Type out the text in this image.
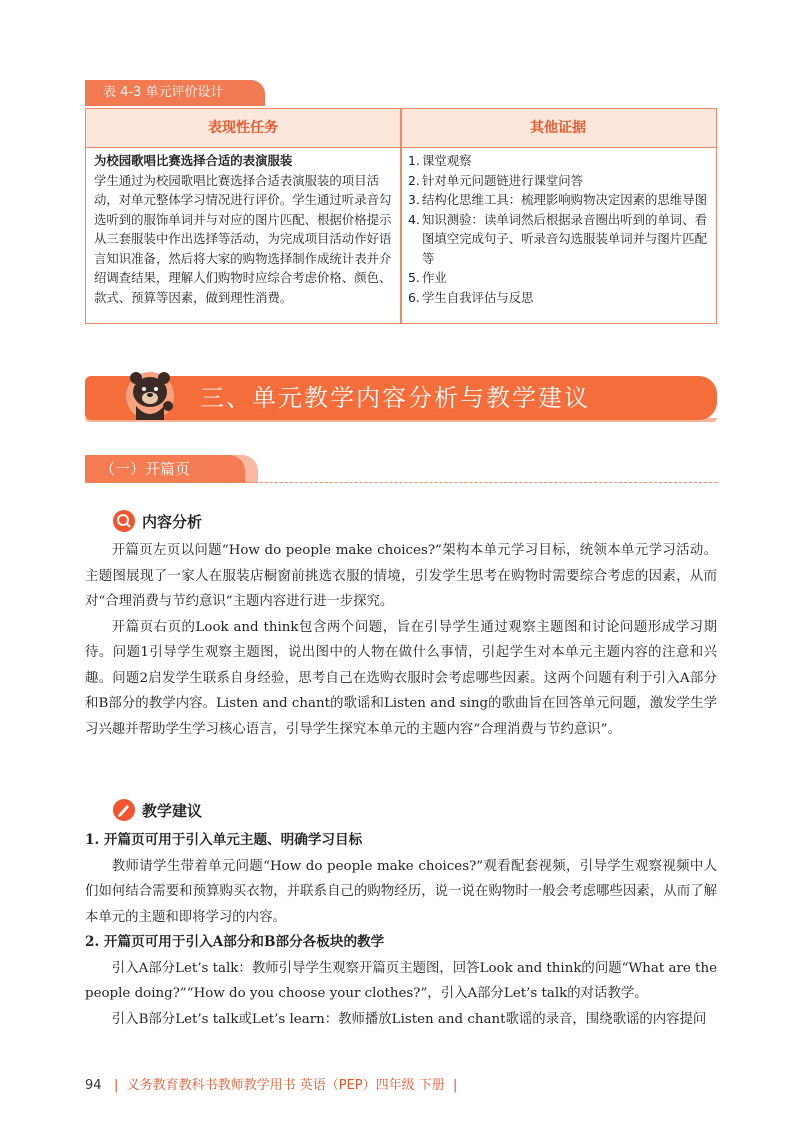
表 4-3 单元评价设计
表现性任务	其他证据
为校园歌唱比赛选择合适的表演服装
学生通过为校园歌唱比赛选择合适表演服装的项目活动，对单元整体学习情况进行评价。学生通过听录音勾选听到的服饰单词并与对应的图片匹配、根据价格提示从三套服装中作出选择等活动，为完成项目活动作好语言知识准备，然后将大家的购物选择制作成统计表并介绍调查结果，理解人们购物时应综合考虑价格、颜色、款式、预算等因素，做到理性消费。
1. 课堂观察
2. 针对单元问题链进行课堂问答
3. 结构化思维工具：梳理影响购物决定因素的思维导图
4. 知识测验：读单词然后根据录音圈出听到的单词、看图填空完成句子、听录音勾选服装单词并与图片匹配等
5. 作业
6. 学生自我评估与反思
三、单元教学内容分析与教学建议
（一）开篇页
内容分析

开篇页左页以问题“How do people make choices?”架构本单元学习目标，统领本单元学习活动。主题图展现了一家人在服装店橱窗前挑选衣服的情境，引发学生思考在购物时需要综合考虑的因素，从而对“合理消费与节约意识”主题内容进行进一步探究。

开篇页右页的Look and think包含两个问题，旨在引导学生通过观察主题图和讨论问题形成学习期待。问题1引导学生观察主题图，说出图中的人物在做什么事情，引起学生对本单元主题内容的注意和兴趣。问题2启发学生联系自身经验，思考自己在选购衣服时会考虑哪些因素。这两个问题有利于引入A部分和B部分的教学内容。Listen and chant的歌谣和Listen and sing的歌曲旨在回答单元问题，激发学生学习兴趣并帮助学生学习核心语言，引导学生探究本单元的主题内容“合理消费与节约意识”。

教学建议
1. 开篇页可用于引入单元主题、明确学习目标

教师请学生带着单元问题“How do people make choices?”观看配套视频，引导学生观察视频中人们如何结合需要和预算购买衣物，并联系自己的购物经历，说一说在购物时一般会考虑哪些因素，从而了解本单元的主题和即将学习的内容。

2. 开篇页可用于引入A部分和B部分各板块的教学

引入A部分Let’s talk：教师引导学生观察开篇页主题图，回答Look and think的问题“What are the people doing?”“How do you choose your clothes?”，引入A部分Let’s talk的对话教学。

引入B部分Let’s talk或Let’s learn：教师播放Listen and chant歌谣的录音，围绕歌谣的内容提问

94   |  义务教育教科书教师教学用书 英语（PEP）四年级 下册  |
